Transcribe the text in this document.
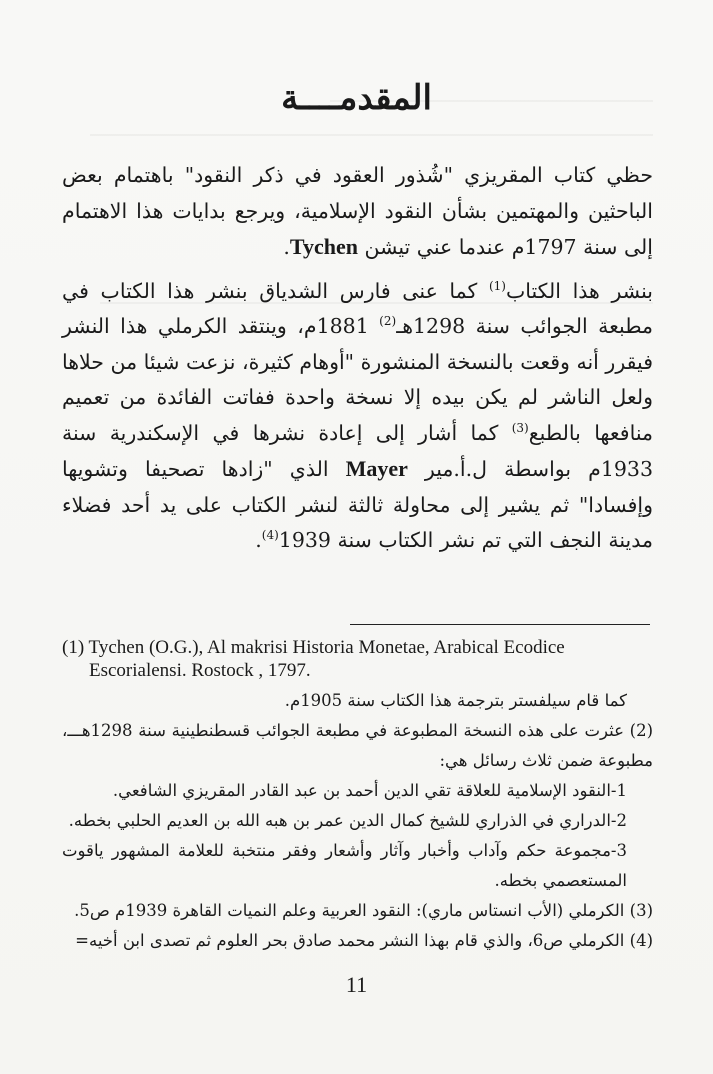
المقدمــــة

حظي كتاب المقريزي "شُذور العقود في ذكر النقود" باهتمام بعض الباحثين والمهتمين بشأن النقود الإسلامية، ويرجع بدايات هذا الاهتمام إلى سنة 1797م عندما عني تيشن Tychen.

بنشر هذا الكتاب$^{(1)}$ كما عنى فارس الشدياق بنشر هذا الكتاب في مطبعة الجوائب سنة 1298هـ$^{(2)}$ 1881م، وينتقد الكرملي هذا النشر فيقرر أنه وقعت بالنسخة المنشورة "أوهام كثيرة، نزعت شيئا من حلاها ولعل الناشر لم يكن بيده إلا نسخة واحدة ففاتت الفائدة من تعميم منافعها بالطبع$^{(3)}$ كما أشار إلى إعادة نشرها في الإسكندرية سنة 1933م بواسطة ل.أ.مير Mayer الذي "زادها تصحيفا وتشويها وإفسادا" ثم يشير إلى محاولة ثالثة لنشر الكتاب على يد أحد فضلاء مدينة النجف التي تم نشر الكتاب سنة 1939$^{(4)}$.

(1) Tychen (O.G.), Al makrisi Historia Monetae, Arabical Ecodice
Escorialensi. Rostock , 1797.

كما قام سيلفستر بترجمة هذا الكتاب سنة 1905م.

(2) عثرت على هذه النسخة المطبوعة في مطبعة الجوائب قسطنطينية سنة 1298هـــ، مطبوعة ضمن ثلاث رسائل هي:

1-النقود الإسلامية للعلاقة تقي الدين أحمد بن عبد القادر المقريزي الشافعي.

2-الدراري في الذراري للشيخ كمال الدين عمر بن هبه الله بن العديم الحلبي بخطه.

3-مجموعة حكم وآداب وأخبار وآثار وأشعار وفقر منتخبة للعلامة المشهور ياقوت المستعصمي بخطه.

(3) الكرملي (الأب انستاس ماري): النقود العربية وعلم النميات القاهرة 1939م ص5.

(4) الكرملي ص6، والذي قام بهذا النشر محمد صادق بحر العلوم ثم تصدى ابن أخيه=

11
